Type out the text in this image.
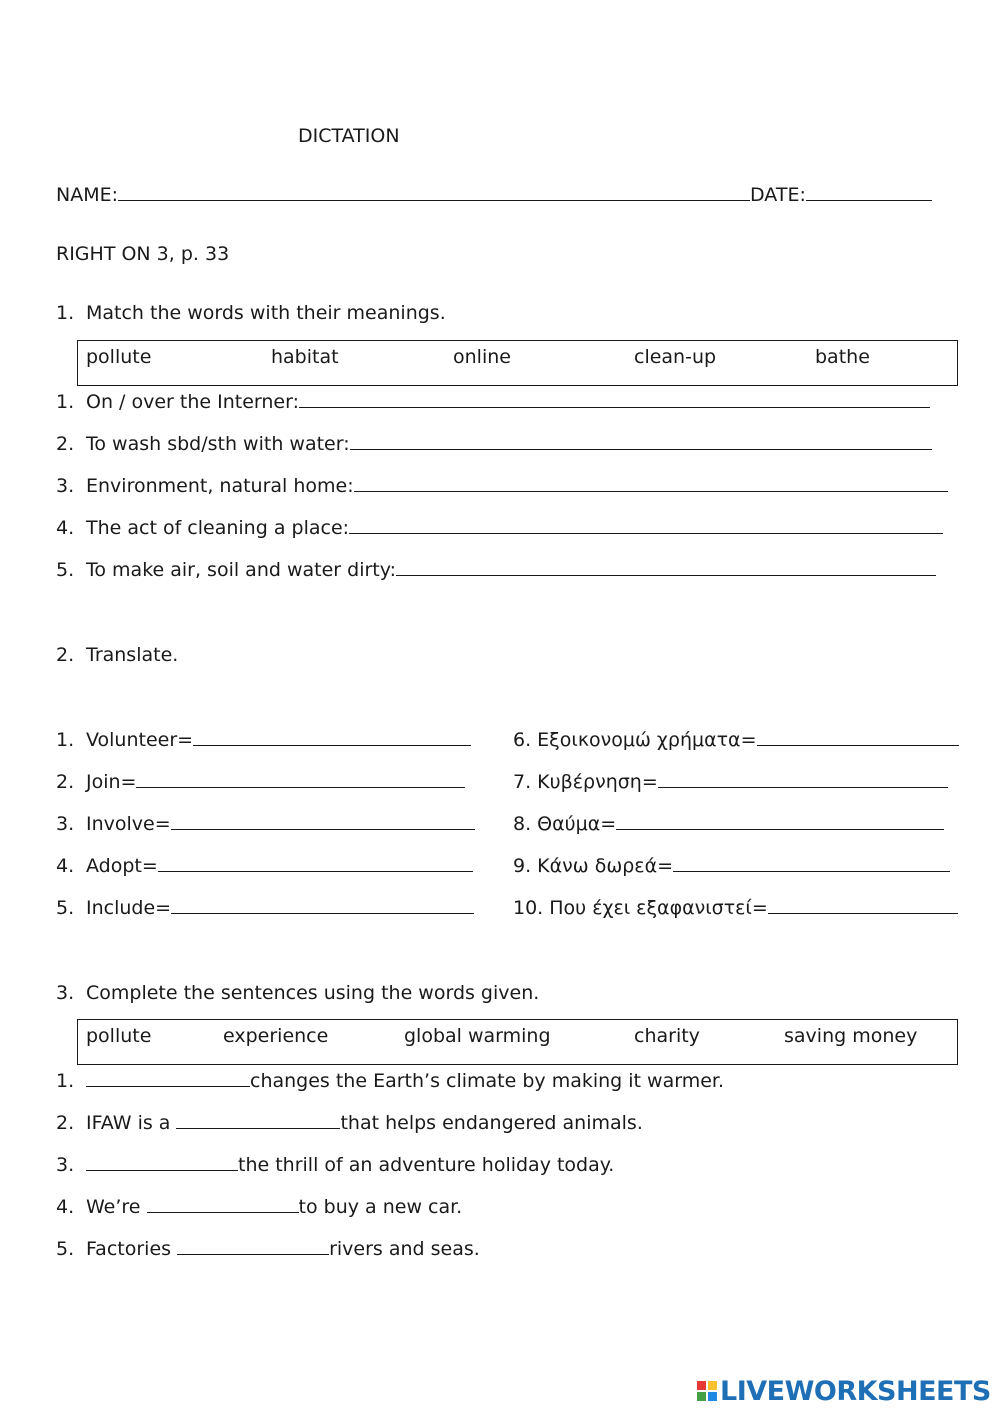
DICTATION
NAME:	DATE:
RIGHT ON 3, p. 33
1. Match the words with their meanings.
pollute	habitat	online	clean-up	bathe
1. On / over the Interner:
2. To wash sbd/sth with water:
3. Environment, natural home:
4. The act of cleaning a place:
5. To make air, soil and water dirty:
2. Translate.
1. Volunteer=	6. Εξοικονομώ χρήματα=
2. Join=	7. Κυβέρνηση=
3. Involve=	8. Θαύμα=
4. Adopt=	9. Κάνω δωρεά=
5. Include=	10. Που έχει εξαφανιστεί=
3. Complete the sentences using the words given.
pollute	experience	global warming	charity	saving money
1.	changes the Earth’s climate by making it warmer.
2. IFAW is a	that helps endangered animals.
3.	the thrill of an adventure holiday today.
4. We’re	to buy a new car.
5. Factories	rivers and seas.
LIVEWORKSHEETS
